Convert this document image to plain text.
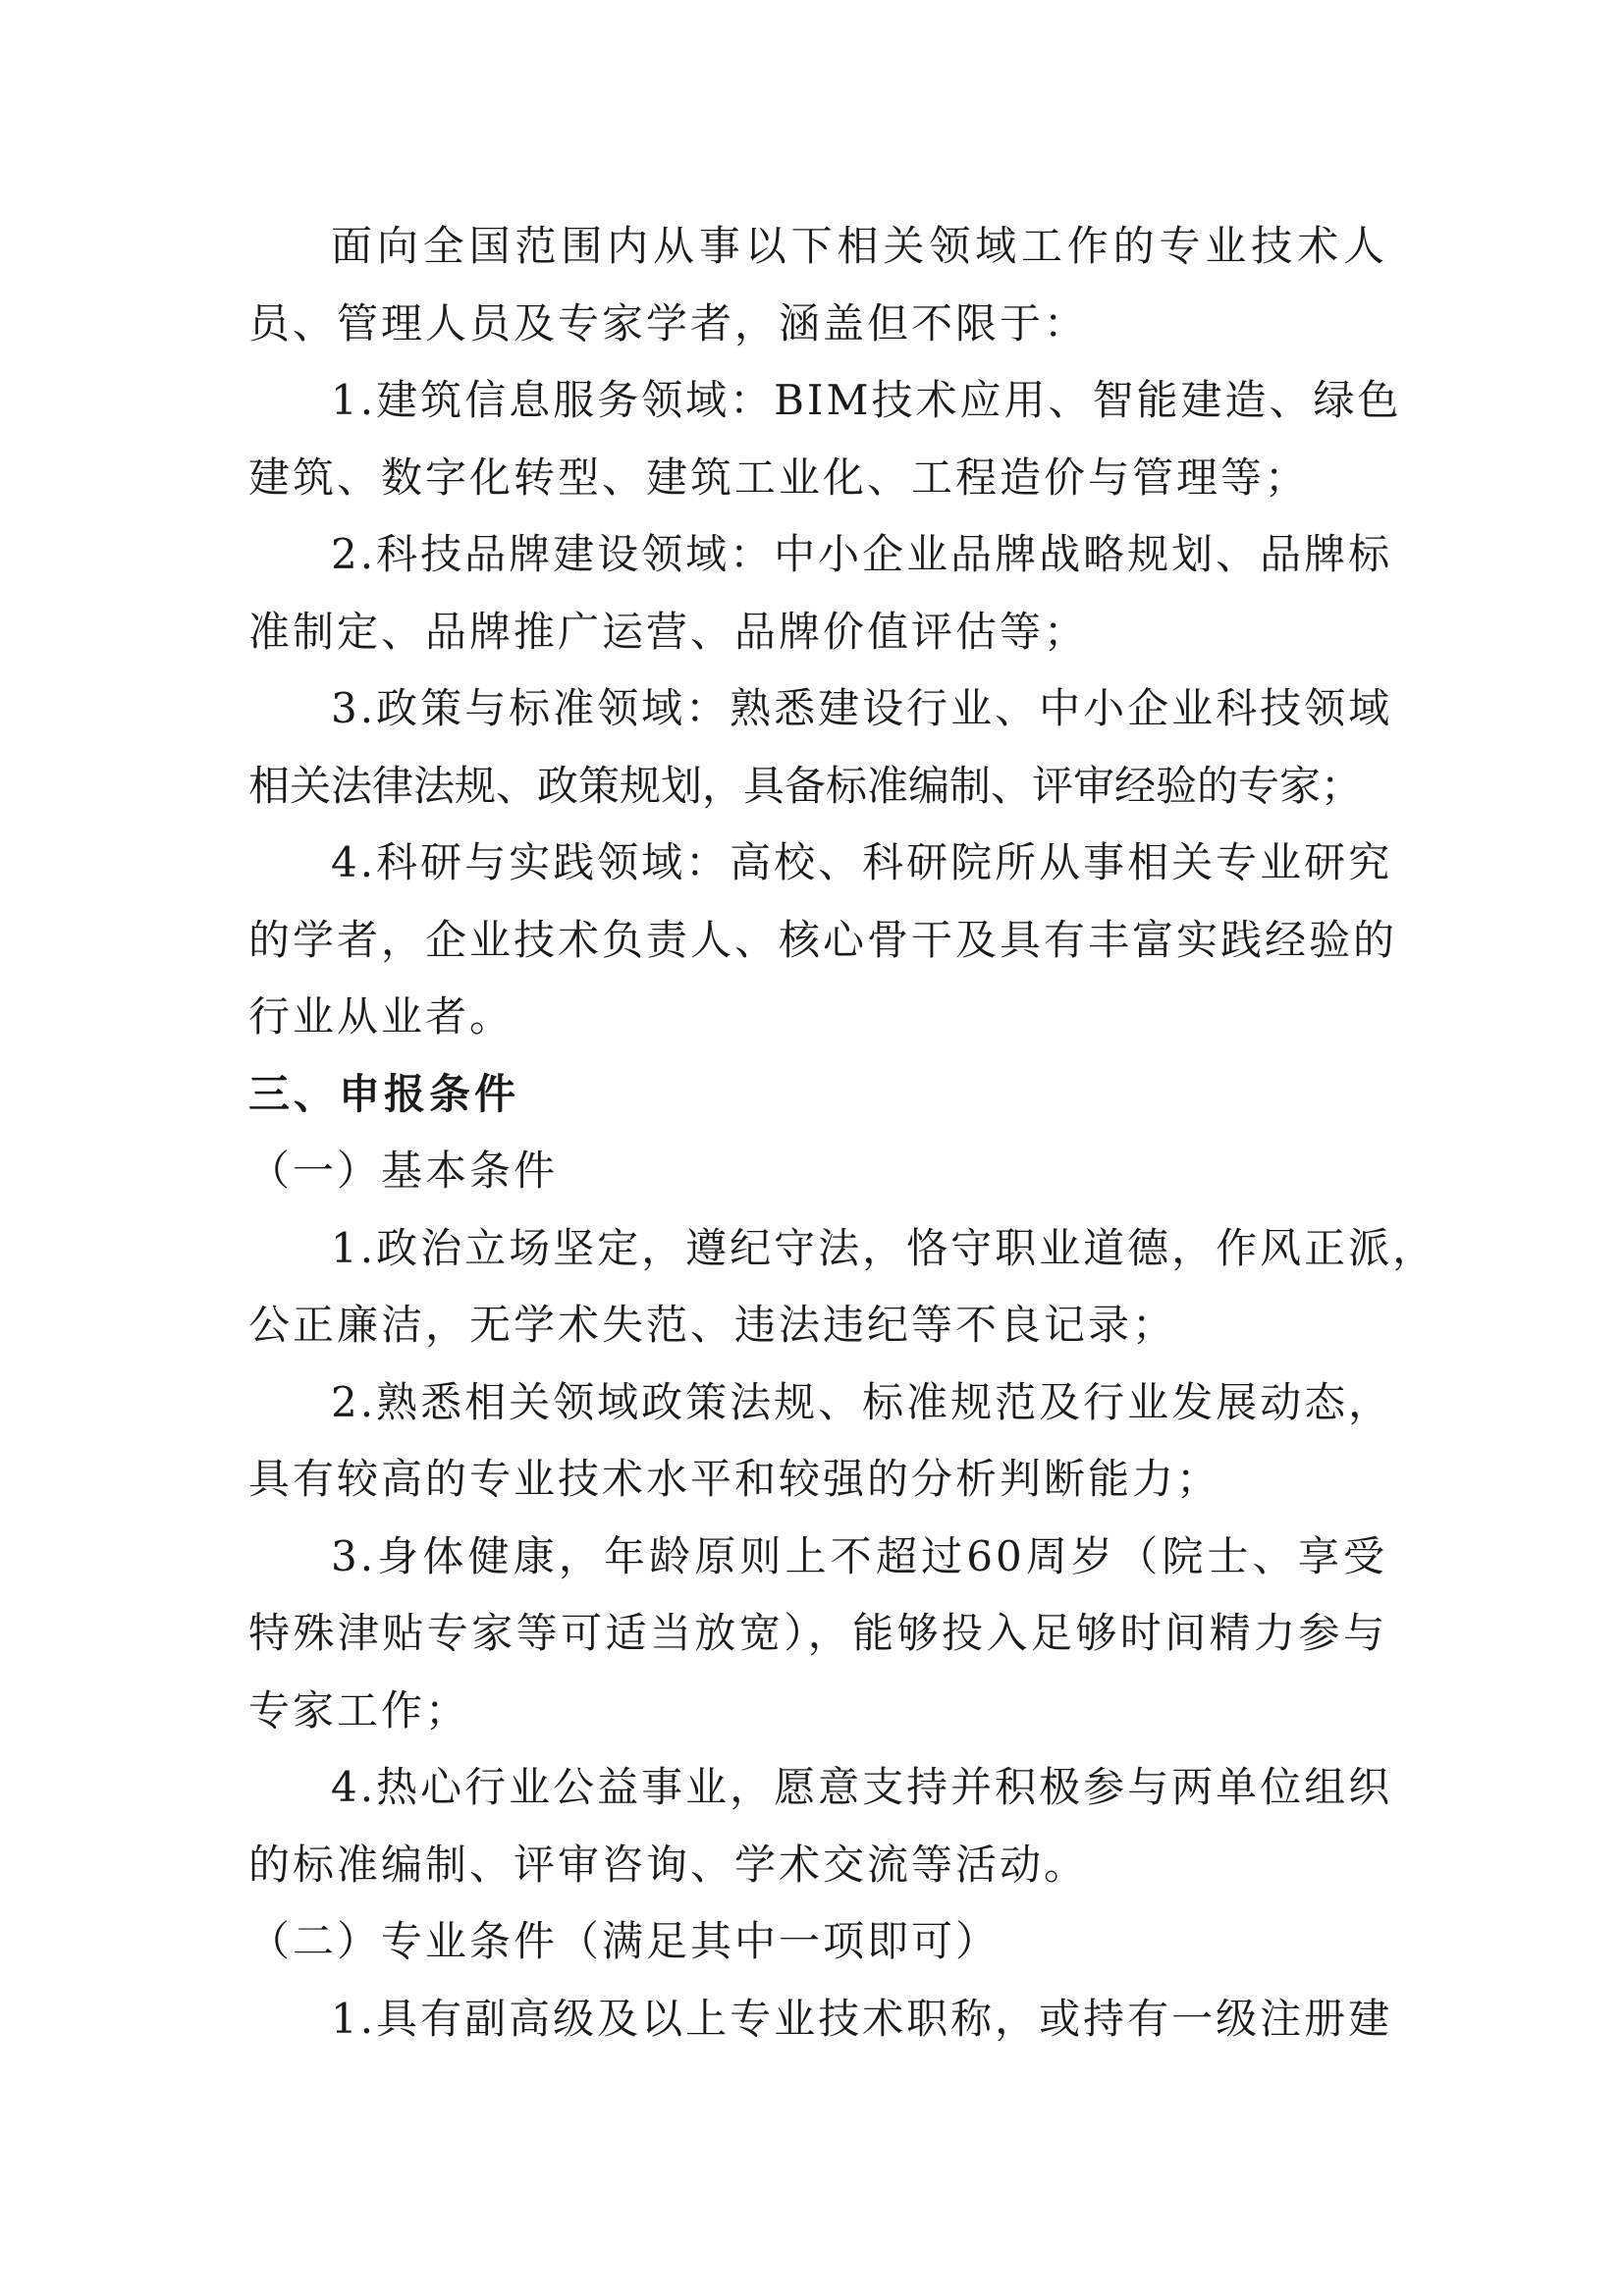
面向全国范围内从事以下相关领域工作的专业技术人
员、管理人员及专家学者，涵盖但不限于：
1.建筑信息服务领域：BIM技术应用、智能建造、绿色
建筑、数字化转型、建筑工业化、工程造价与管理等；
2.科技品牌建设领域：中小企业品牌战略规划、品牌标
准制定、品牌推广运营、品牌价值评估等；
3.政策与标准领域：熟悉建设行业、中小企业科技领域
相关法律法规、政策规划，具备标准编制、评审经验的专家；
4.科研与实践领域：高校、科研院所从事相关专业研究
的学者，企业技术负责人、核心骨干及具有丰富实践经验的
行业从业者。
三、申报条件
（一）基本条件
1.政治立场坚定，遵纪守法，恪守职业道德，作风正派，
公正廉洁，无学术失范、违法违纪等不良记录；
2.熟悉相关领域政策法规、标准规范及行业发展动态，
具有较高的专业技术水平和较强的分析判断能力；
3.身体健康，年龄原则上不超过60周岁（院士、享受
特殊津贴专家等可适当放宽），能够投入足够时间精力参与
专家工作；
4.热心行业公益事业，愿意支持并积极参与两单位组织
的标准编制、评审咨询、学术交流等活动。
（二）专业条件（满足其中一项即可）
1.具有副高级及以上专业技术职称，或持有一级注册建
